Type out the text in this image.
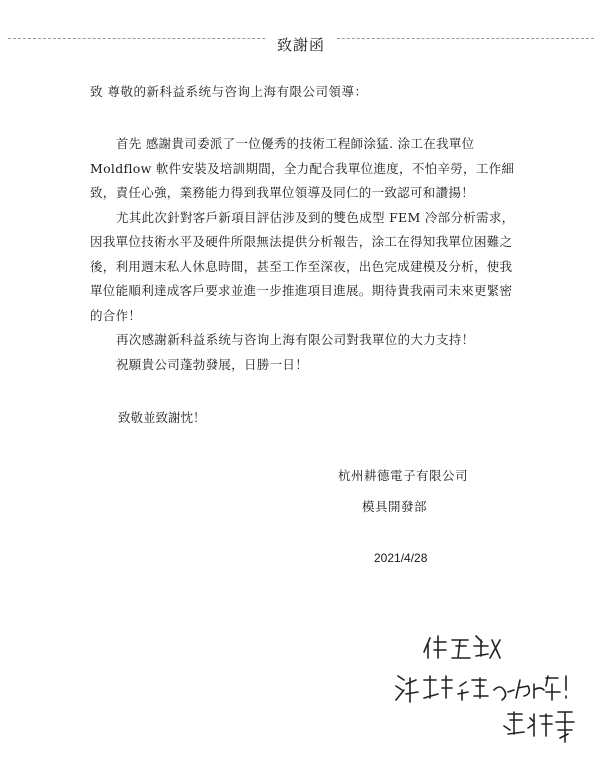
致謝函
致 尊敬的新科益系统与咨询上海有限公司領導：

首先 感謝貴司委派了一位優秀的技術工程師涂猛. 涂工在我單位 Moldflow 軟件安裝及培訓期間，全力配合我單位進度，不怕辛勞，工作細致，責任心強，業務能力得到我單位領導及同仁的一致認可和讚揚！

尤其此次針對客戶新項目評估涉及到的雙色成型 FEM 冷部分析需求，因我單位技術水平及硬件所限無法提供分析報告，涂工在得知我單位困難之後，利用週末私人休息時間，甚至工作至深夜，出色完成建模及分析，使我單位能順利達成客戶要求並進一步推進項目進展。期待貴我兩司未來更緊密的合作！

再次感謝新科益系统与咨询上海有限公司對我單位的大力支持！

祝願貴公司蓬勃發展，日勝一日！

致敬並致謝忱！
杭州耕德電子有限公司
模具開發部
2021/4/28
